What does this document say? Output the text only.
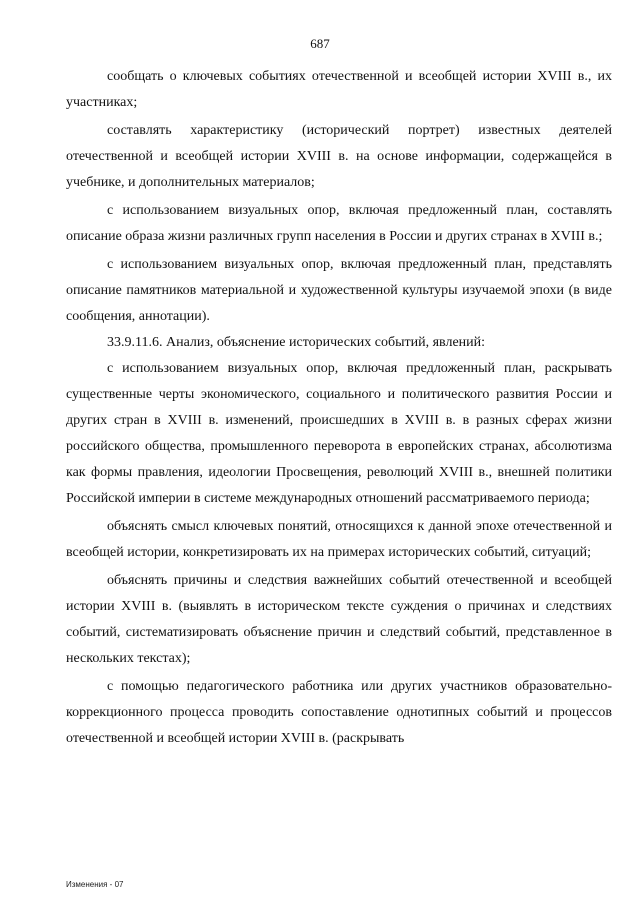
687

сообщать о ключевых событиях отечественной и всеобщей истории XVIII в., их участниках;

составлять характеристику (исторический портрет) известных деятелей отечественной и всеобщей истории XVIII в. на основе информации, содержащейся в учебнике, и дополнительных материалов;

с использованием визуальных опор, включая предложенный план, составлять описание образа жизни различных групп населения в России и других странах в XVIII в.;

с использованием визуальных опор, включая предложенный план, представлять описание памятников материальной и художественной культуры изучаемой эпохи (в виде сообщения, аннотации).

33.9.11.6. Анализ, объяснение исторических событий, явлений:

с использованием визуальных опор, включая предложенный план, раскрывать существенные черты экономического, социального и политического развития России и других стран в XVIII в. изменений, происшедших в XVIII в. в разных сферах жизни российского общества, промышленного переворота в европейских странах, абсолютизма как формы правления, идеологии Просвещения, революций XVIII в., внешней политики Российской империи в системе международных отношений рассматриваемого периода;

объяснять смысл ключевых понятий, относящихся к данной эпохе отечественной и всеобщей истории, конкретизировать их на примерах исторических событий, ситуаций;

объяснять причины и следствия важнейших событий отечественной и всеобщей истории XVIII в. (выявлять в историческом тексте суждения о причинах и следствиях событий, систематизировать объяснение причин и следствий событий, представленное в нескольких текстах);

с помощью педагогического работника или других участников образовательно-коррекционного процесса проводить сопоставление однотипных событий и процессов отечественной и всеобщей истории XVIII в. (раскрывать

Изменения - 07
